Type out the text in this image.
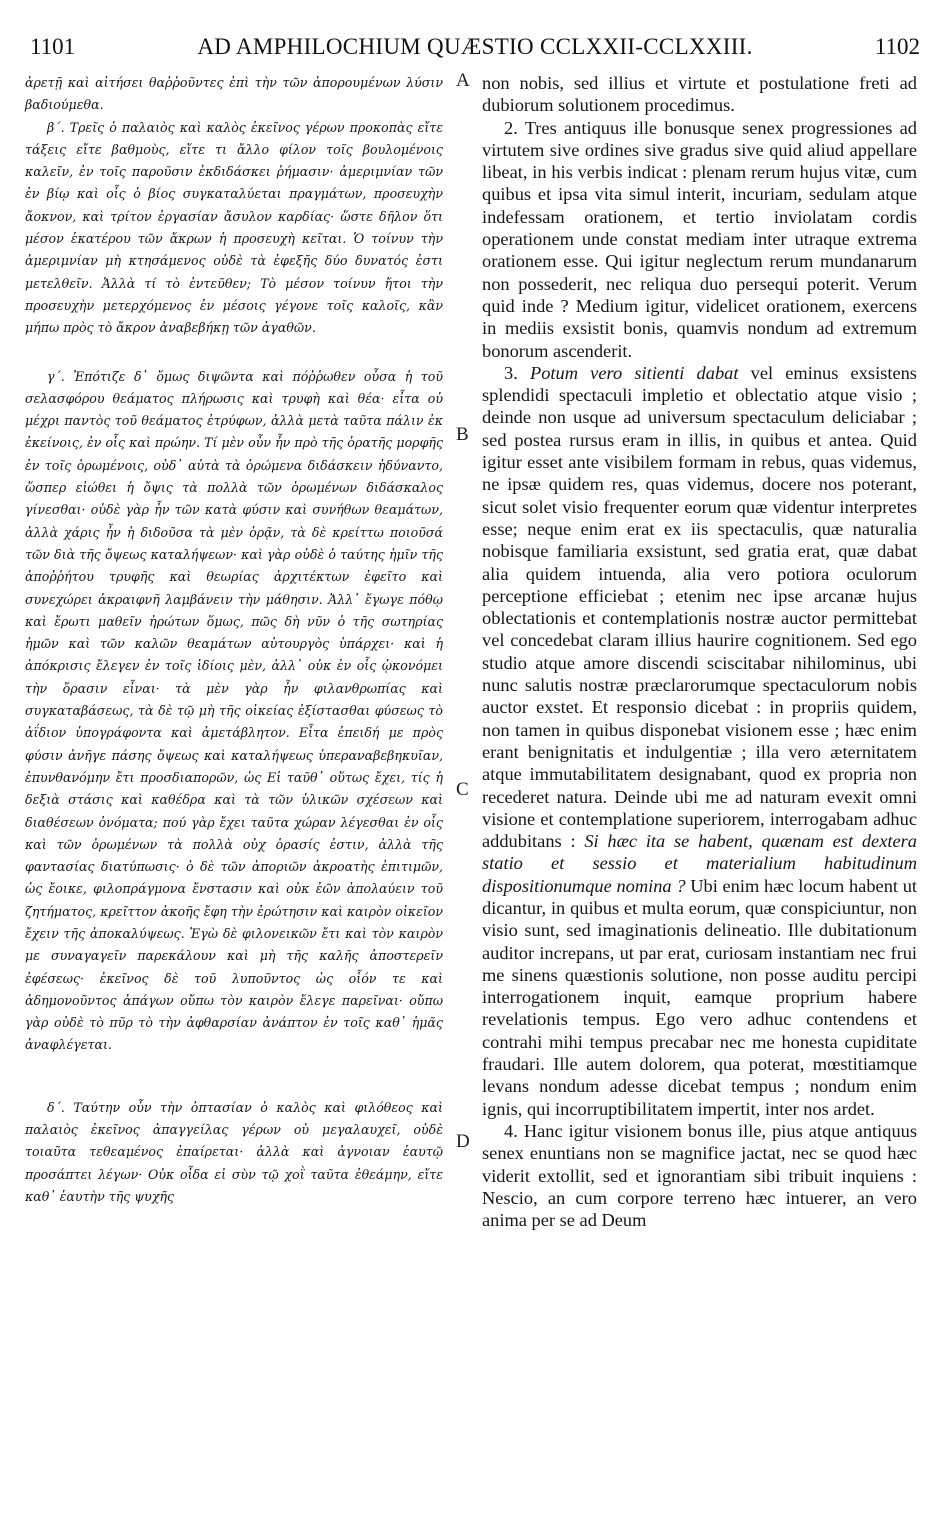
1101	AD AMPHILOCHIUM QUÆSTIO CCLXXII-CCLXXIII.	1102
A
B
C
D

ἀρετῇ καὶ αἰτήσει θαῤῥοῦντες ἐπὶ τὴν τῶν ἀπορουμένων λύσιν βαδιούμεθα.

β΄. Τρεῖς ὁ παλαιὸς καὶ καλὸς ἐκεῖνος γέρων προκοπὰς εἴτε τάξεις εἴτε βαθμοὺς, εἴτε τι ἄλλο φίλον τοῖς βουλομένοις καλεῖν, ἐν τοῖς παροῦσιν ἐκδιδάσκει ῥήμασιν· ἀμεριμνίαν τῶν ἐν βίῳ καὶ οἷς ὁ βίος συγκαταλύεται πραγμάτων, προσευχὴν ἄοκνον, καὶ τρίτον ἐργασίαν ἄσυλον καρδίας· ὥστε δῆλον ὅτι μέσον ἑκατέρου τῶν ἄκρων ἡ προσευχὴ κεῖται. Ὁ τοίνυν τὴν ἀμεριμνίαν μὴ κτησάμενος οὐδὲ τὰ ἐφεξῆς δύο δυνατός ἐστι μετελθεῖν. Ἀλλὰ τί τὸ ἐντεῦθεν; Τὸ μέσον τοίνυν ἤτοι τὴν προσευχὴν μετερχόμενος ἐν μέσοις γέγονε τοῖς καλοῖς, κἂν μήπω πρὸς τὸ ἄκρον ἀναβεβήκῃ τῶν ἀγαθῶν.

γ΄. Ἐπότιζε δ᾽ ὅμως διψῶντα καὶ πόῤῥωθεν οὖσα ἡ τοῦ σελασφόρου θεάματος πλήρωσις καὶ τρυφὴ καὶ θέα· εἶτα οὐ μέχρι παντὸς τοῦ θεάματος ἐτρύφων, ἀλλὰ μετὰ ταῦτα πάλιν ἐκ ἐκείνοις, ἐν οἷς καὶ πρώην. Τί μὲν οὖν ἦν πρὸ τῆς ὁρατῆς μορφῆς ἐν τοῖς ὁρωμένοις, οὐδ᾽ αὐτὰ τὰ ὁρώμενα διδάσκειν ἠδύναντο, ὥσπερ εἰώθει ἡ ὄψις τὰ πολλὰ τῶν ὁρωμένων διδάσκαλος γίνεσθαι· οὐδὲ γὰρ ἦν τῶν κατὰ φύσιν καὶ συνήθων θεαμάτων, ἀλλὰ χάρις ἦν ἡ διδοῦσα τὰ μὲν ὁρᾷν, τὰ δὲ κρείττω ποιοῦσά τῶν διὰ τῆς ὄψεως καταλήψεων· καὶ γὰρ οὐδὲ ὁ ταύτης ἡμῖν τῆς ἀποῤῥήτου τρυφῆς καὶ θεωρίας ἀρχιτέκτων ἐφεῖτο καὶ συνεχώρει ἀκραιφνῆ λαμβάνειν τὴν μάθησιν. Ἀλλ᾽ ἔγωγε πόθῳ καὶ ἔρωτι μαθεῖν ἠρώτων ὅμως, πῶς δὴ νῦν ὁ τῆς σωτηρίας ἡμῶν καὶ τῶν καλῶν θεαμάτων αὐτουργὸς ὑπάρχει· καὶ ἡ ἀπόκρισις ἔλεγεν ἐν τοῖς ἰδίοις μὲν, ἀλλ᾽ οὐκ ἐν οἷς ᾠκονόμει τὴν ὅρασιν εἶναι· τὰ μὲν γὰρ ἦν φιλανθρωπίας καὶ συγκαταβάσεως, τὰ δὲ τῷ μὴ τῆς οἰκείας ἐξίστασθαι φύσεως τὸ ἀΐδιον ὑπογράφοντα καὶ ἀμετάβλητον. Εἶτα ἐπειδή με πρὸς φύσιν ἀνῆγε πάσης ὄψεως καὶ καταλήψεως ὑπεραναβεβηκυῖαν, ἐπυνθανόμην ἔτι προσδιαπορῶν, ὡς Εἰ ταῦθ᾽ οὕτως ἔχει, τίς ἡ δεξιὰ στάσις καὶ καθέδρα καὶ τὰ τῶν ὑλικῶν σχέσεων καὶ διαθέσεων ὀνόματα; πού γὰρ ἔχει ταῦτα χώραν λέγεσθαι ἐν οἷς καὶ τῶν ὁρωμένων τὰ πολλὰ οὐχ ὁρασίς ἐστιν, ἀλλὰ τῆς φαντασίας διατύπωσις· ὁ δὲ τῶν ἀποριῶν ἀκροατὴς ἐπιτιμῶν, ὡς ἔοικε, φιλοπράγμονα ἔνστασιν καὶ οὐκ ἐῶν ἀπολαύειν τοῦ ζητήματος, κρεῖττον ἀκοῆς ἔφη τὴν ἐρώτησιν καὶ καιρὸν οἰκεῖον ἔχειν τῆς ἀποκαλύψεως. Ἐγὼ δὲ φιλονεικῶν ἔτι καὶ τὸν καιρὸν με συναγαγεῖν παρεκάλουν καὶ μὴ τῆς καλῆς ἀποστερεῖν ἐφέσεως· ἐκεῖνος δὲ τοῦ λυποῦντος ὡς οἷόν τε καὶ ἀδημονοῦντος ἀπάγων οὔπω τὸν καιρὸν ἔλεγε παρεῖναι· οὔπω γὰρ οὐδὲ τὸ πῦρ τὸ τὴν ἀφθαρσίαν ἀνάπτον ἐν τοῖς καθ᾽ ἡμᾶς ἀναφλέγεται.

δ΄. Ταύτην οὖν τὴν ὀπτασίαν ὁ καλὸς καὶ φιλόθεος καὶ παλαιὸς ἐκεῖνος ἀπαγγείλας γέρων οὐ μεγαλαυχεῖ, οὐδὲ τοιαῦτα τεθεαμένος ἐπαίρεται· ἀλλὰ καὶ ἀγνοιαν ἑαυτῷ προσάπτει λέγων· Οὐκ οἶδα εἰ σὺν τῷ χοῒ ταῦτα ἐθεάμην, εἴτε καθ᾽ ἑαυτὴν τῆς ψυχῆς

non nobis, sed illius et virtute et postulatione freti ad dubiorum solutionem procedimus.

2. Tres antiquus ille bonusque senex progressiones ad virtutem sive ordines sive gradus sive quid aliud appellare libeat, in his verbis indicat : plenam rerum hujus vitæ, cum quibus et ipsa vita simul interit, incuriam, sedulam atque indefessam orationem, et tertio inviolatam cordis operationem unde constat mediam inter utraque extrema orationem esse. Qui igitur neglectum rerum mundanarum non possederit, nec reliqua duo persequi poterit. Verum quid inde ? Medium igitur, videlicet orationem, exercens in mediis exsistit bonis, quamvis nondum ad extremum bonorum ascenderit.

3. Potum vero sitienti dabat vel eminus exsistens splendidi spectaculi impletio et oblectatio atque visio ; deinde non usque ad universum spectaculum deliciabar ; sed postea rursus eram in illis, in quibus et antea. Quid igitur esset ante visibilem formam in rebus, quas videmus, ne ipsæ quidem res, quas videmus, docere nos poterant, sicut solet visio frequenter eorum quæ videntur interpretes esse; neque enim erat ex iis spectaculis, quæ naturalia nobisque familiaria exsistunt, sed gratia erat, quæ dabat alia quidem intuenda, alia vero potiora oculorum perceptione efficiebat ; etenim nec ipse arcanæ hujus oblectationis et contemplationis nostræ auctor permittebat vel concedebat claram illius haurire cognitionem. Sed ego studio atque amore discendi sciscitabar nihilominus, ubi nunc salutis nostræ præclarorumque spectaculorum nobis auctor exstet. Et responsio dicebat : in propriis quidem, non tamen in quibus disponebat visionem esse ; hæc enim erant benignitatis et indulgentiæ ; illa vero æternitatem atque immutabilitatem designabant, quod ex propria non recederet natura. Deinde ubi me ad naturam evexit omni visione et contemplatione superiorem, interrogabam adhuc addubitans : Si hæc ita se habent, quænam est dextera statio et sessio et materialium habitudinum dispositionumque nomina ? Ubi enim hæc locum habent ut dicantur, in quibus et multa eorum, quæ conspiciuntur, non visio sunt, sed imaginationis delineatio. Ille dubitationum auditor increpans, ut par erat, curiosam instantiam nec frui me sinens quæstionis solutione, non posse auditu percipi interrogationem inquit, eamque proprium habere revelationis tempus. Ego vero adhuc contendens et contrahi mihi tempus precabar nec me honesta cupiditate fraudari. Ille autem dolorem, qua poterat, mœstitiamque levans nondum adesse dicebat tempus ; nondum enim ignis, qui incorruptibilitatem impertit, inter nos ardet.

4. Hanc igitur visionem bonus ille, pius atque antiquus senex enuntians non se magnifice jactat, nec se quod hæc viderit extollit, sed et ignorantiam sibi tribuit inquiens : Nescio, an cum corpore terreno hæc intuerer, an vero anima per se ad Deum
